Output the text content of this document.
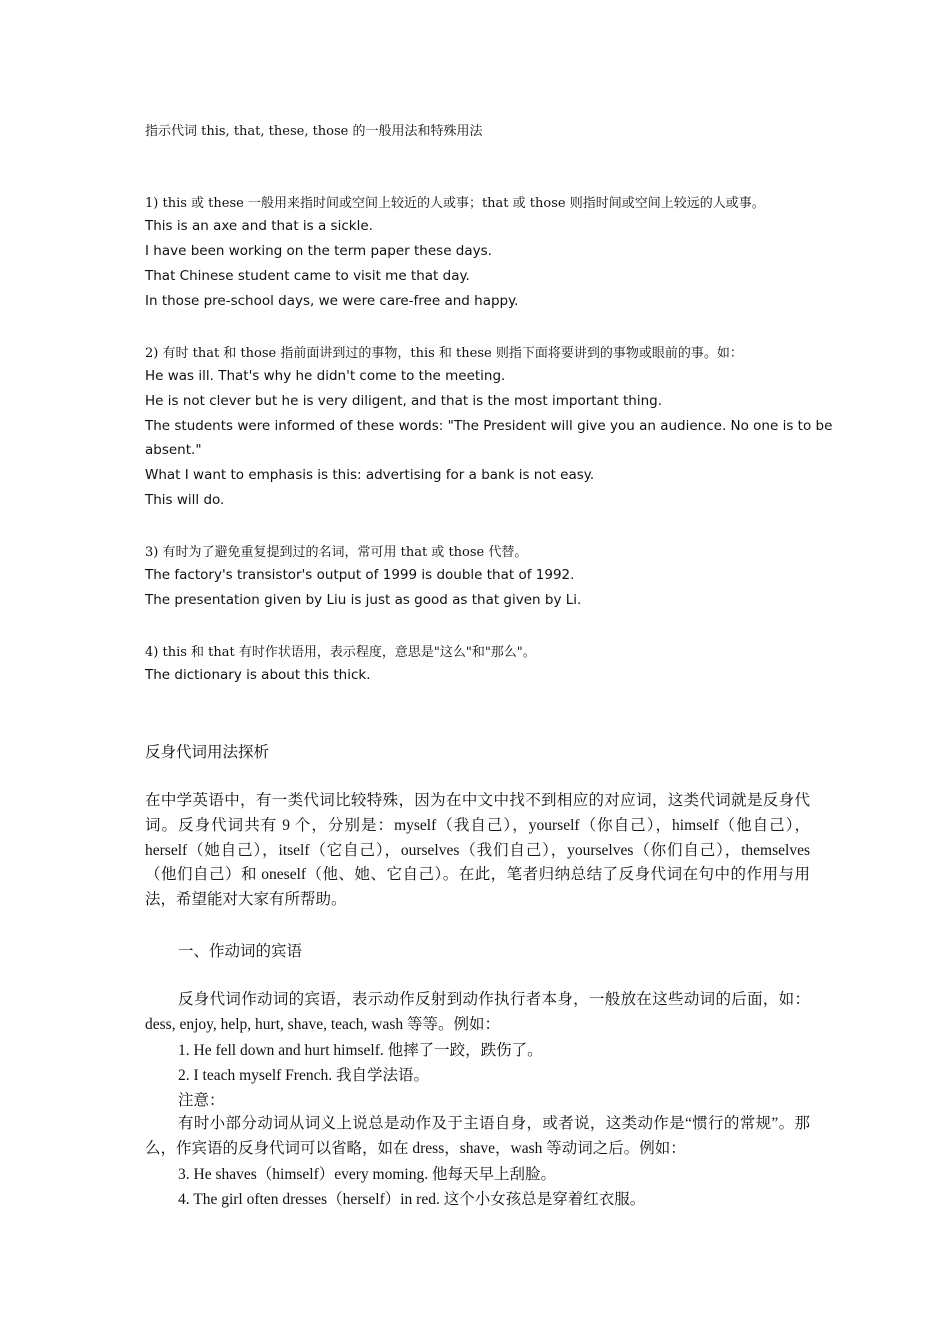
指示代词 this, that, these, those 的一般用法和特殊用法
1) this 或 these 一般用来指时间或空间上较近的人或事；that 或 those 则指时间或空间上较远的人或事。
This is an axe and that is a sickle.
I have been working on the term paper these days.
That Chinese student came to visit me that day.
In those pre-school days, we were care-free and happy.
2) 有时 that 和 those 指前面讲到过的事物，this 和 these 则指下面将要讲到的事物或眼前的事。如：
He was ill. That's why he didn't come to the meeting.
He is not clever but he is very diligent, and that is the most important thing.
The students were informed of these words: "The President will give you an audience. No one is to be
absent."
What I want to emphasis is this: advertising for a bank is not easy.
This will do.
3) 有时为了避免重复提到过的名词，常可用 that 或 those 代替。
The factory's transistor's output of 1999 is double that of 1992.
The presentation given by Liu is just as good as that given by Li.
4) this 和 that 有时作状语用，表示程度，意思是"这么"和"那么"。
The dictionary is about this thick.
反身代词用法探析
在中学英语中，有一类代词比较特殊，因为在中文中找不到相应的对应词，这类代词就是反身代词。反身代词共有 9 个，分别是：myself（我自己），yourself（你自己），himself（他自己），herself（她自己），itself（它自己），ourselves（我们自己），yourselves（你们自己），themselves（他们自己）和 oneself（他、她、它自己）。在此，笔者归纳总结了反身代词在句中的作用与用法，希望能对大家有所帮助。
一、作动词的宾语
反身代词作动词的宾语，表示动作反射到动作执行者本身，一般放在这些动词的后面，如：dess, enjoy, help, hurt, shave, teach, wash 等等。例如：
1. He fell down and hurt himself. 他摔了一跤，跌伤了。
2. I teach myself French. 我自学法语。
注意：
有时小部分动词从词义上说总是动作及于主语自身，或者说，这类动作是“惯行的常规”。那么，作宾语的反身代词可以省略，如在 dress，shave，wash 等动词之后。例如：
3. He shaves（himself）every moming. 他每天早上刮脸。
4. The girl often dresses（herself）in red. 这个小女孩总是穿着红衣服。
